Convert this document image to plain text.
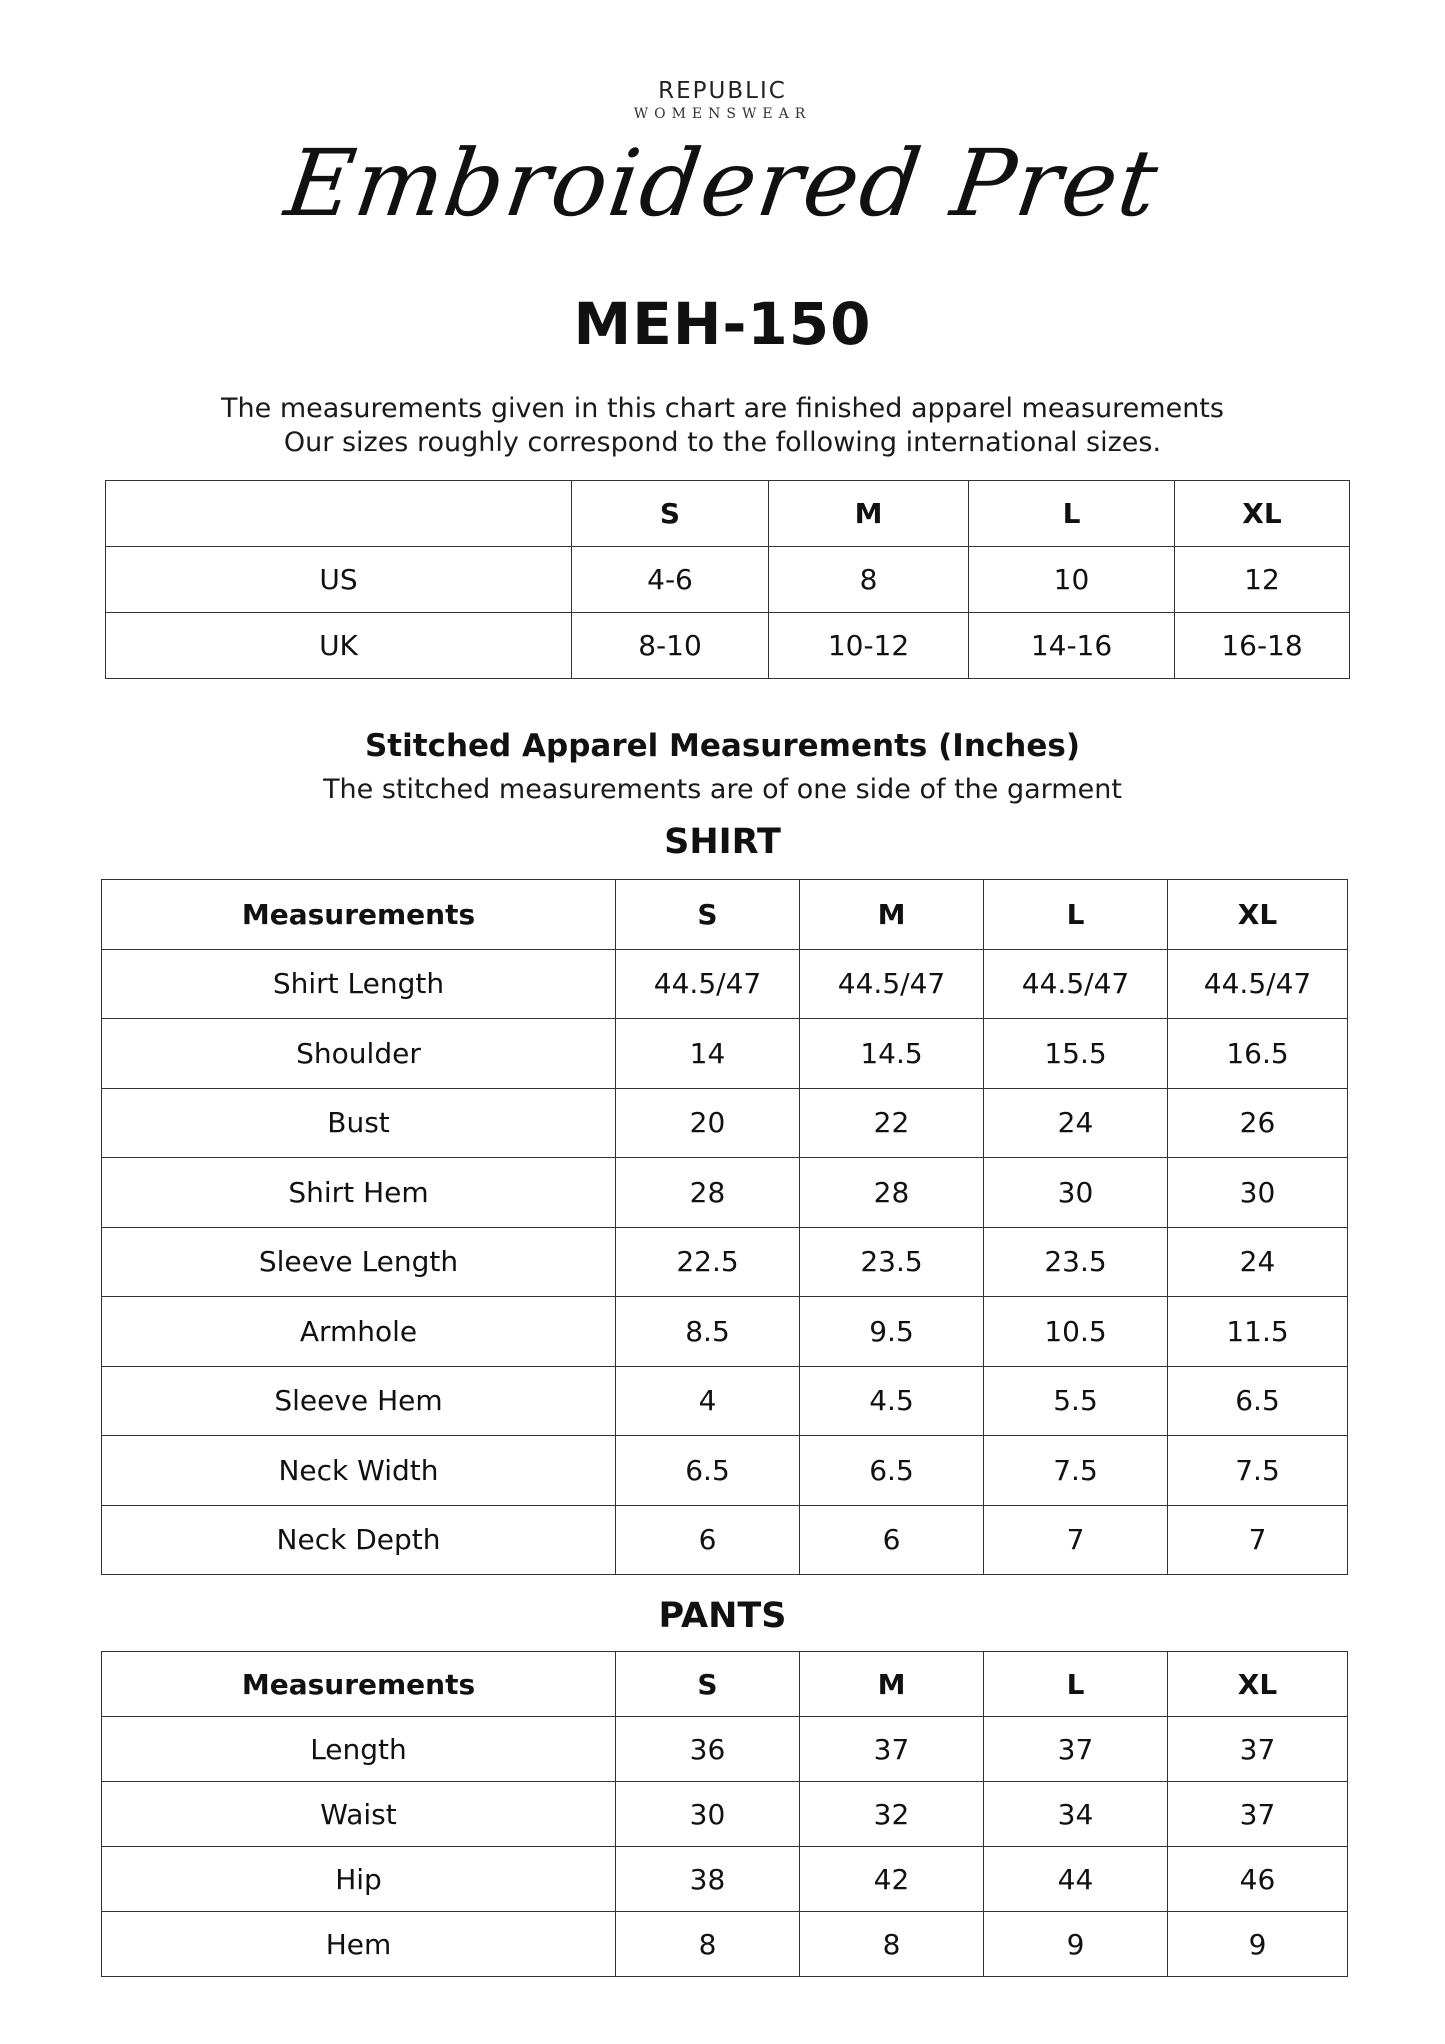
REPUBLIC
WOMENSWEAR
Embroidered Pret
MEH-150
The measurements given in this chart are finished apparel measurements
Our sizes roughly correspond to the following international sizes.
	S	M	L	XL
US	4-6	8	10	12
UK	8-10	10-12	14-16	16-18
Stitched Apparel Measurements (Inches)
The stitched measurements are of one side of the garment
SHIRT
Measurements	S	M	L	XL
Shirt Length	44.5/47	44.5/47	44.5/47	44.5/47
Shoulder	14	14.5	15.5	16.5
Bust	20	22	24	26
Shirt Hem	28	28	30	30
Sleeve Length	22.5	23.5	23.5	24
Armhole	8.5	9.5	10.5	11.5
Sleeve Hem	4	4.5	5.5	6.5
Neck Width	6.5	6.5	7.5	7.5
Neck Depth	6	6	7	7
PANTS
Measurements	S	M	L	XL
Length	36	37	37	37
Waist	30	32	34	37
Hip	38	42	44	46
Hem	8	8	9	9
